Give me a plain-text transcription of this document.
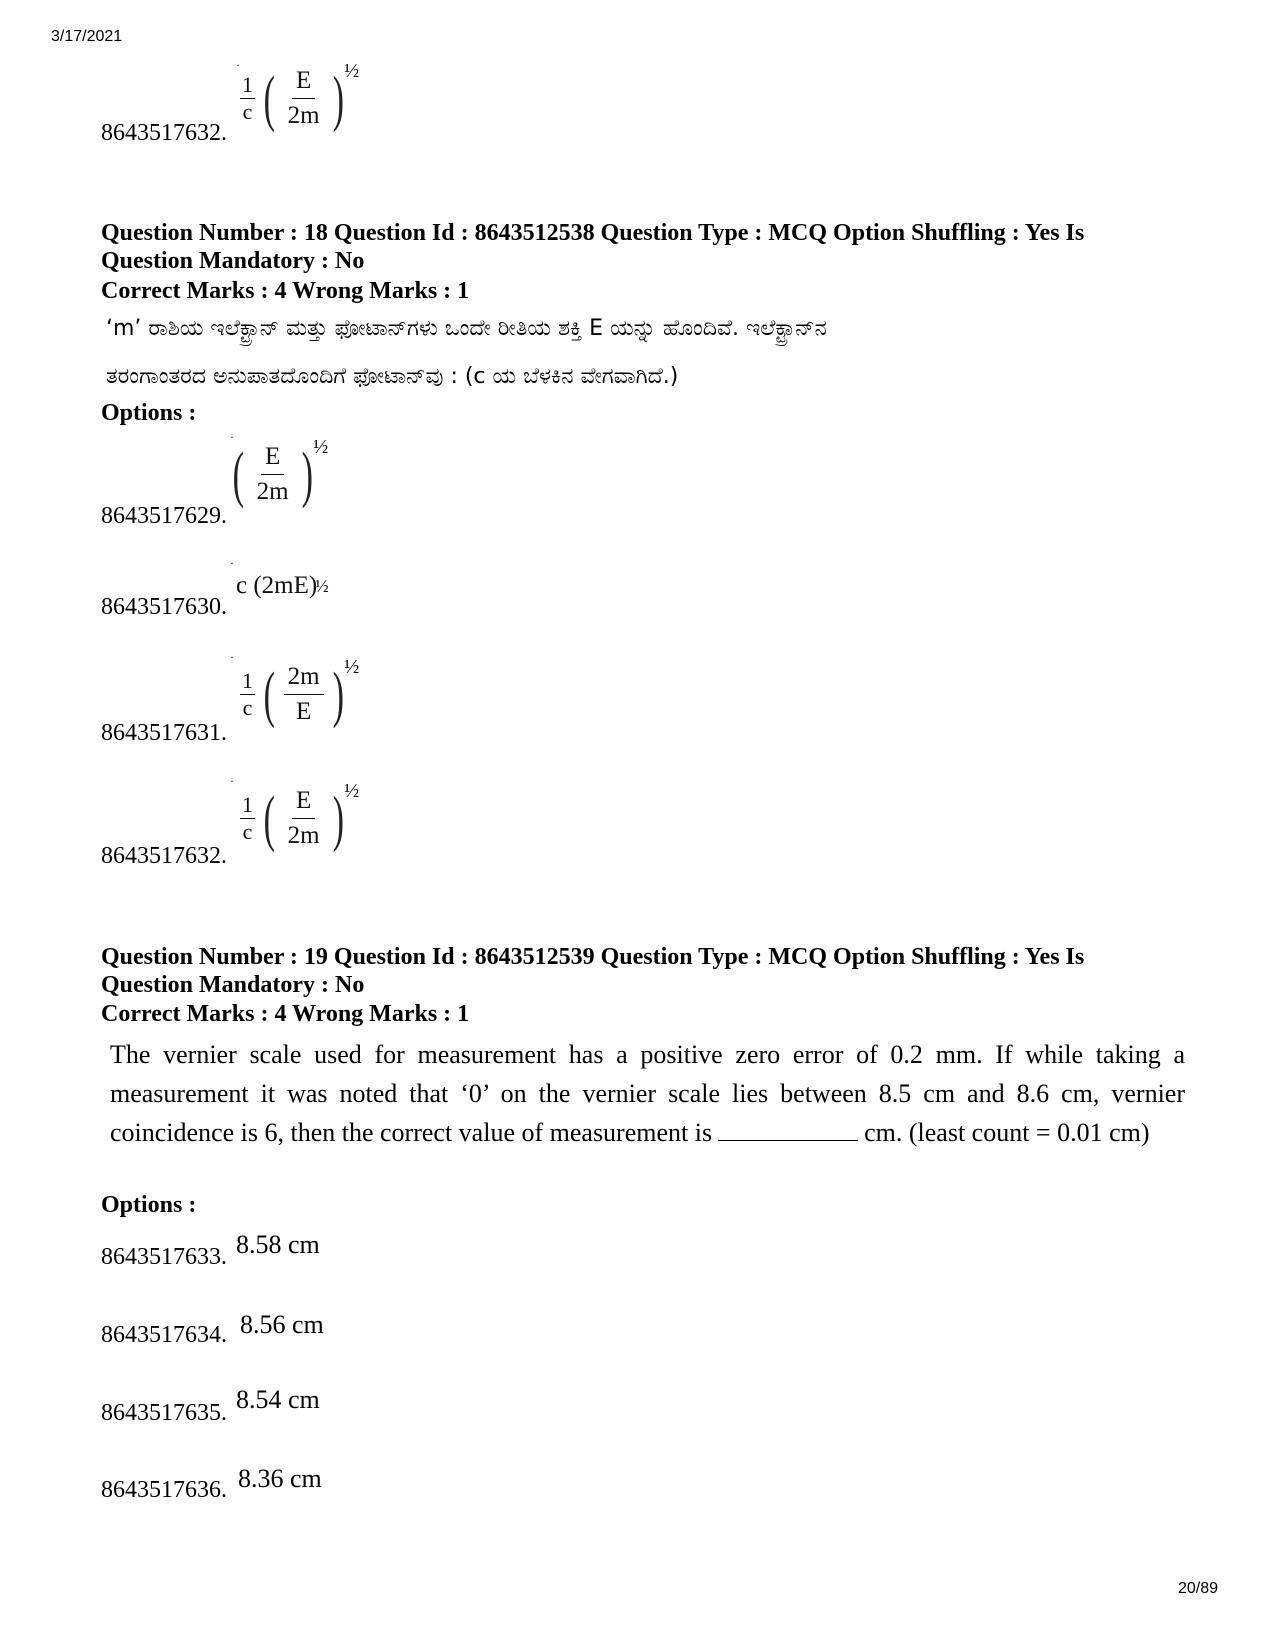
3/17/2021
·
$\frac{1}{c}$ ( $\frac{E}{2m}$ ) ½
8643517632.
Question Number : 18 Question Id : 8643512538 Question Type : MCQ Option Shuffling : Yes Is Question Mandatory : No
Correct Marks : 4 Wrong Marks : 1
‘m’ ರಾಶಿಯ ಇಲೆಕ್ಟ್ರಾನ್ ಮತ್ತು ಫೋಟಾನ್‌ಗಳು ಒಂದೇ ರೀತಿಯ ಶಕ್ತಿ E ಯನ್ನು ಹೊಂದಿವೆ. ಇಲೆಕ್ಟ್ರಾನ್‌ನ
ತರಂಗಾಂತರದ ಅನುಪಾತದೊಂದಿಗೆ ಫೋಟಾನ್‌ವು : (c ಯ ಬೆಳಕಿನ ವೇಗವಾಗಿದೆ.)
Options :
·
( $\frac{E}{2m}$ ) ½
8643517629.
·
c (2mE)
½
8643517630.
·
$\frac{1}{c}$ ( $\frac{2m}{E}$ ) ½
8643517631.
·
$\frac{1}{c}$ ( $\frac{E}{2m}$ ) ½
8643517632.
Question Number : 19 Question Id : 8643512539 Question Type : MCQ Option Shuffling : Yes Is Question Mandatory : No
Correct Marks : 4 Wrong Marks : 1
The vernier scale used for measurement has a positive zero error of 0.2 mm. If while taking a measurement it was noted that ‘0’ on the vernier scale lies between 8.5 cm and 8.6 cm, vernier coincidence is 6, then the correct value of measurement is	cm. (least count = 0.01 cm)
Options :
8.58 cm
8643517633.
8.56 cm
8643517634.
8.54 cm
8643517635.
8.36 cm
8643517636.
20/89
